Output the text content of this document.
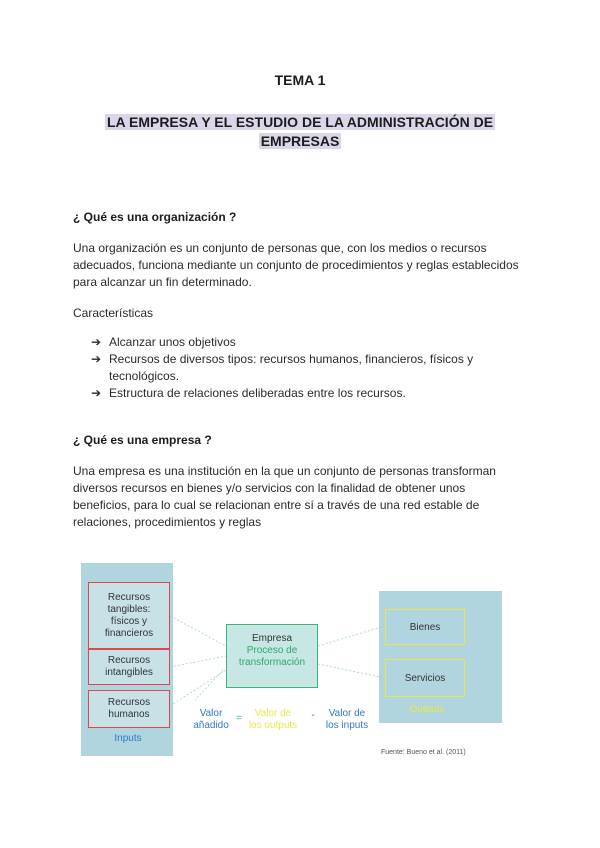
TEMA 1
LA EMPRESA Y EL ESTUDIO DE LA ADMINISTRACIÓN DE
EMPRESAS
¿ Qué es una organización ?
Una organización es un conjunto de personas que, con los medios o recursos
adecuados, funciona mediante un conjunto de procedimientos y reglas establecidos
para alcanzar un fin determinado.
Características
➔ Alcanzar unos objetivos
➔ Recursos de diversos tipos: recursos humanos, financieros, físicos y tecnológicos.
➔ Estructura de relaciones deliberadas entre los recursos.
¿ Qué es una empresa ?
Una empresa es una institución en la que un conjunto de personas transforman
diversos recursos en bienes y/o servicios con la finalidad de obtener unos
beneficios, para lo cual se relacionan entre sí a través de una red estable de
relaciones, procedimientos y reglas
Recursos
tangibles:
físicos y
financieros
Recursos
intangibles
Recursos
humanos
Inputs
Empresa
Proceso de
transformación
Bienes
Servicios
Outputs
Valor
añadido
=	Valor de
los outputs
-	Valor de
los inputs
Fuente: Bueno et al. (2011)
